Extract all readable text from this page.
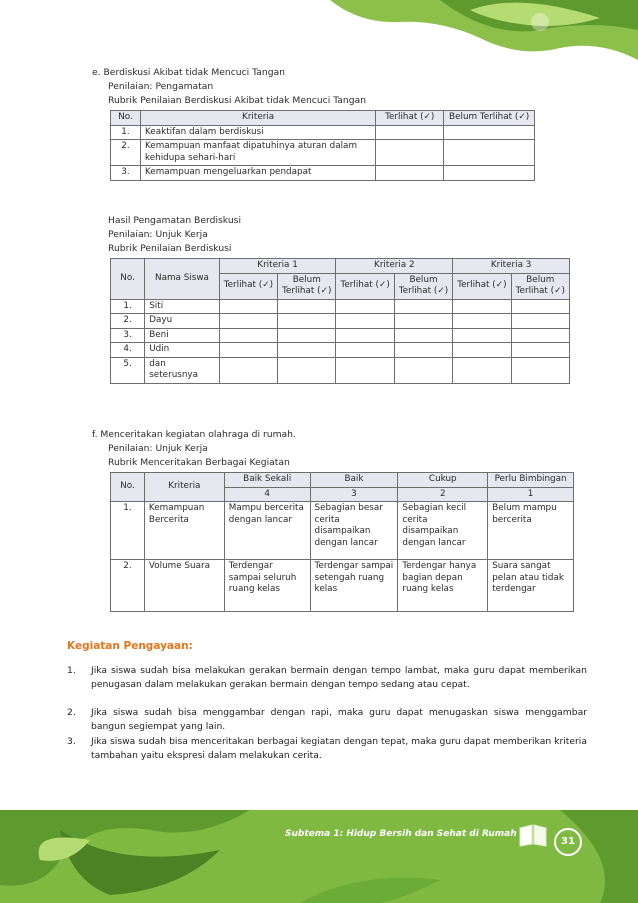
e. Berdiskusi Akibat tidak Mencuci Tangan
Penilaian: Pengamatan
Rubrik Penilaian Berdiskusi Akibat tidak Mencuci Tangan
No.	Kriteria	Terlihat (✓)	Belum Terlihat (✓)
1.	Keaktifan dalam berdiskusi		
2.	Kemampuan manfaat dipatuhinya aturan dalam kehidupa sehari-hari		
3.	Kemampuan mengeluarkan pendapat		
Hasil Pengamatan Berdiskusi
Penilaian: Unjuk Kerja
Rubrik Penilaian Berdiskusi
No.	Nama Siswa	Kriteria 1		Kriteria 2		Kriteria 3	
		Terlihat (✓)	Belum Terlihat (✓)	Terlihat (✓)	Belum Terlihat (✓)	Terlihat (✓)	Belum Terlihat (✓)
1.	Siti						
2.	Dayu						
3.	Beni						
4.	Udin						
5.	dan seterusnya						
f. Menceritakan kegiatan olahraga di rumah.
Penilaian: Unjuk Kerja
Rubrik Menceritakan Berbagai Kegiatan
No.	Kriteria	Baik Sekali	Baik	Cukup	Perlu Bimbingan
		4	3	2	1
1.	Kemampuan Bercerita	Mampu bercerita dengan lancar	Sebagian besar cerita disampaikan dengan lancar	Sebagian kecil cerita disampaikan dengan lancar	Belum mampu bercerita
2.	Volume Suara	Terdengar sampai seluruh ruang kelas	Terdengar sampai setengah ruang kelas	Terdengar hanya bagian depan ruang kelas	Suara sangat pelan atau tidak terdengar
Kegiatan Pengayaan:
1. Jika siswa sudah bisa melakukan gerakan bermain dengan tempo lambat, maka guru dapat memberikan penugasan dalam melakukan gerakan bermain dengan tempo sedang atau cepat.
2. Jika siswa sudah bisa menggambar dengan rapi, maka guru dapat menugaskan siswa menggambar bangun segiempat yang lain.
3. Jika siswa sudah bisa menceritakan berbagai kegiatan dengan tepat, maka guru dapat memberikan kriteria tambahan yaitu ekspresi dalam melakukan cerita.
Subtema 1: Hidup Bersih dan Sehat di Rumah
31
